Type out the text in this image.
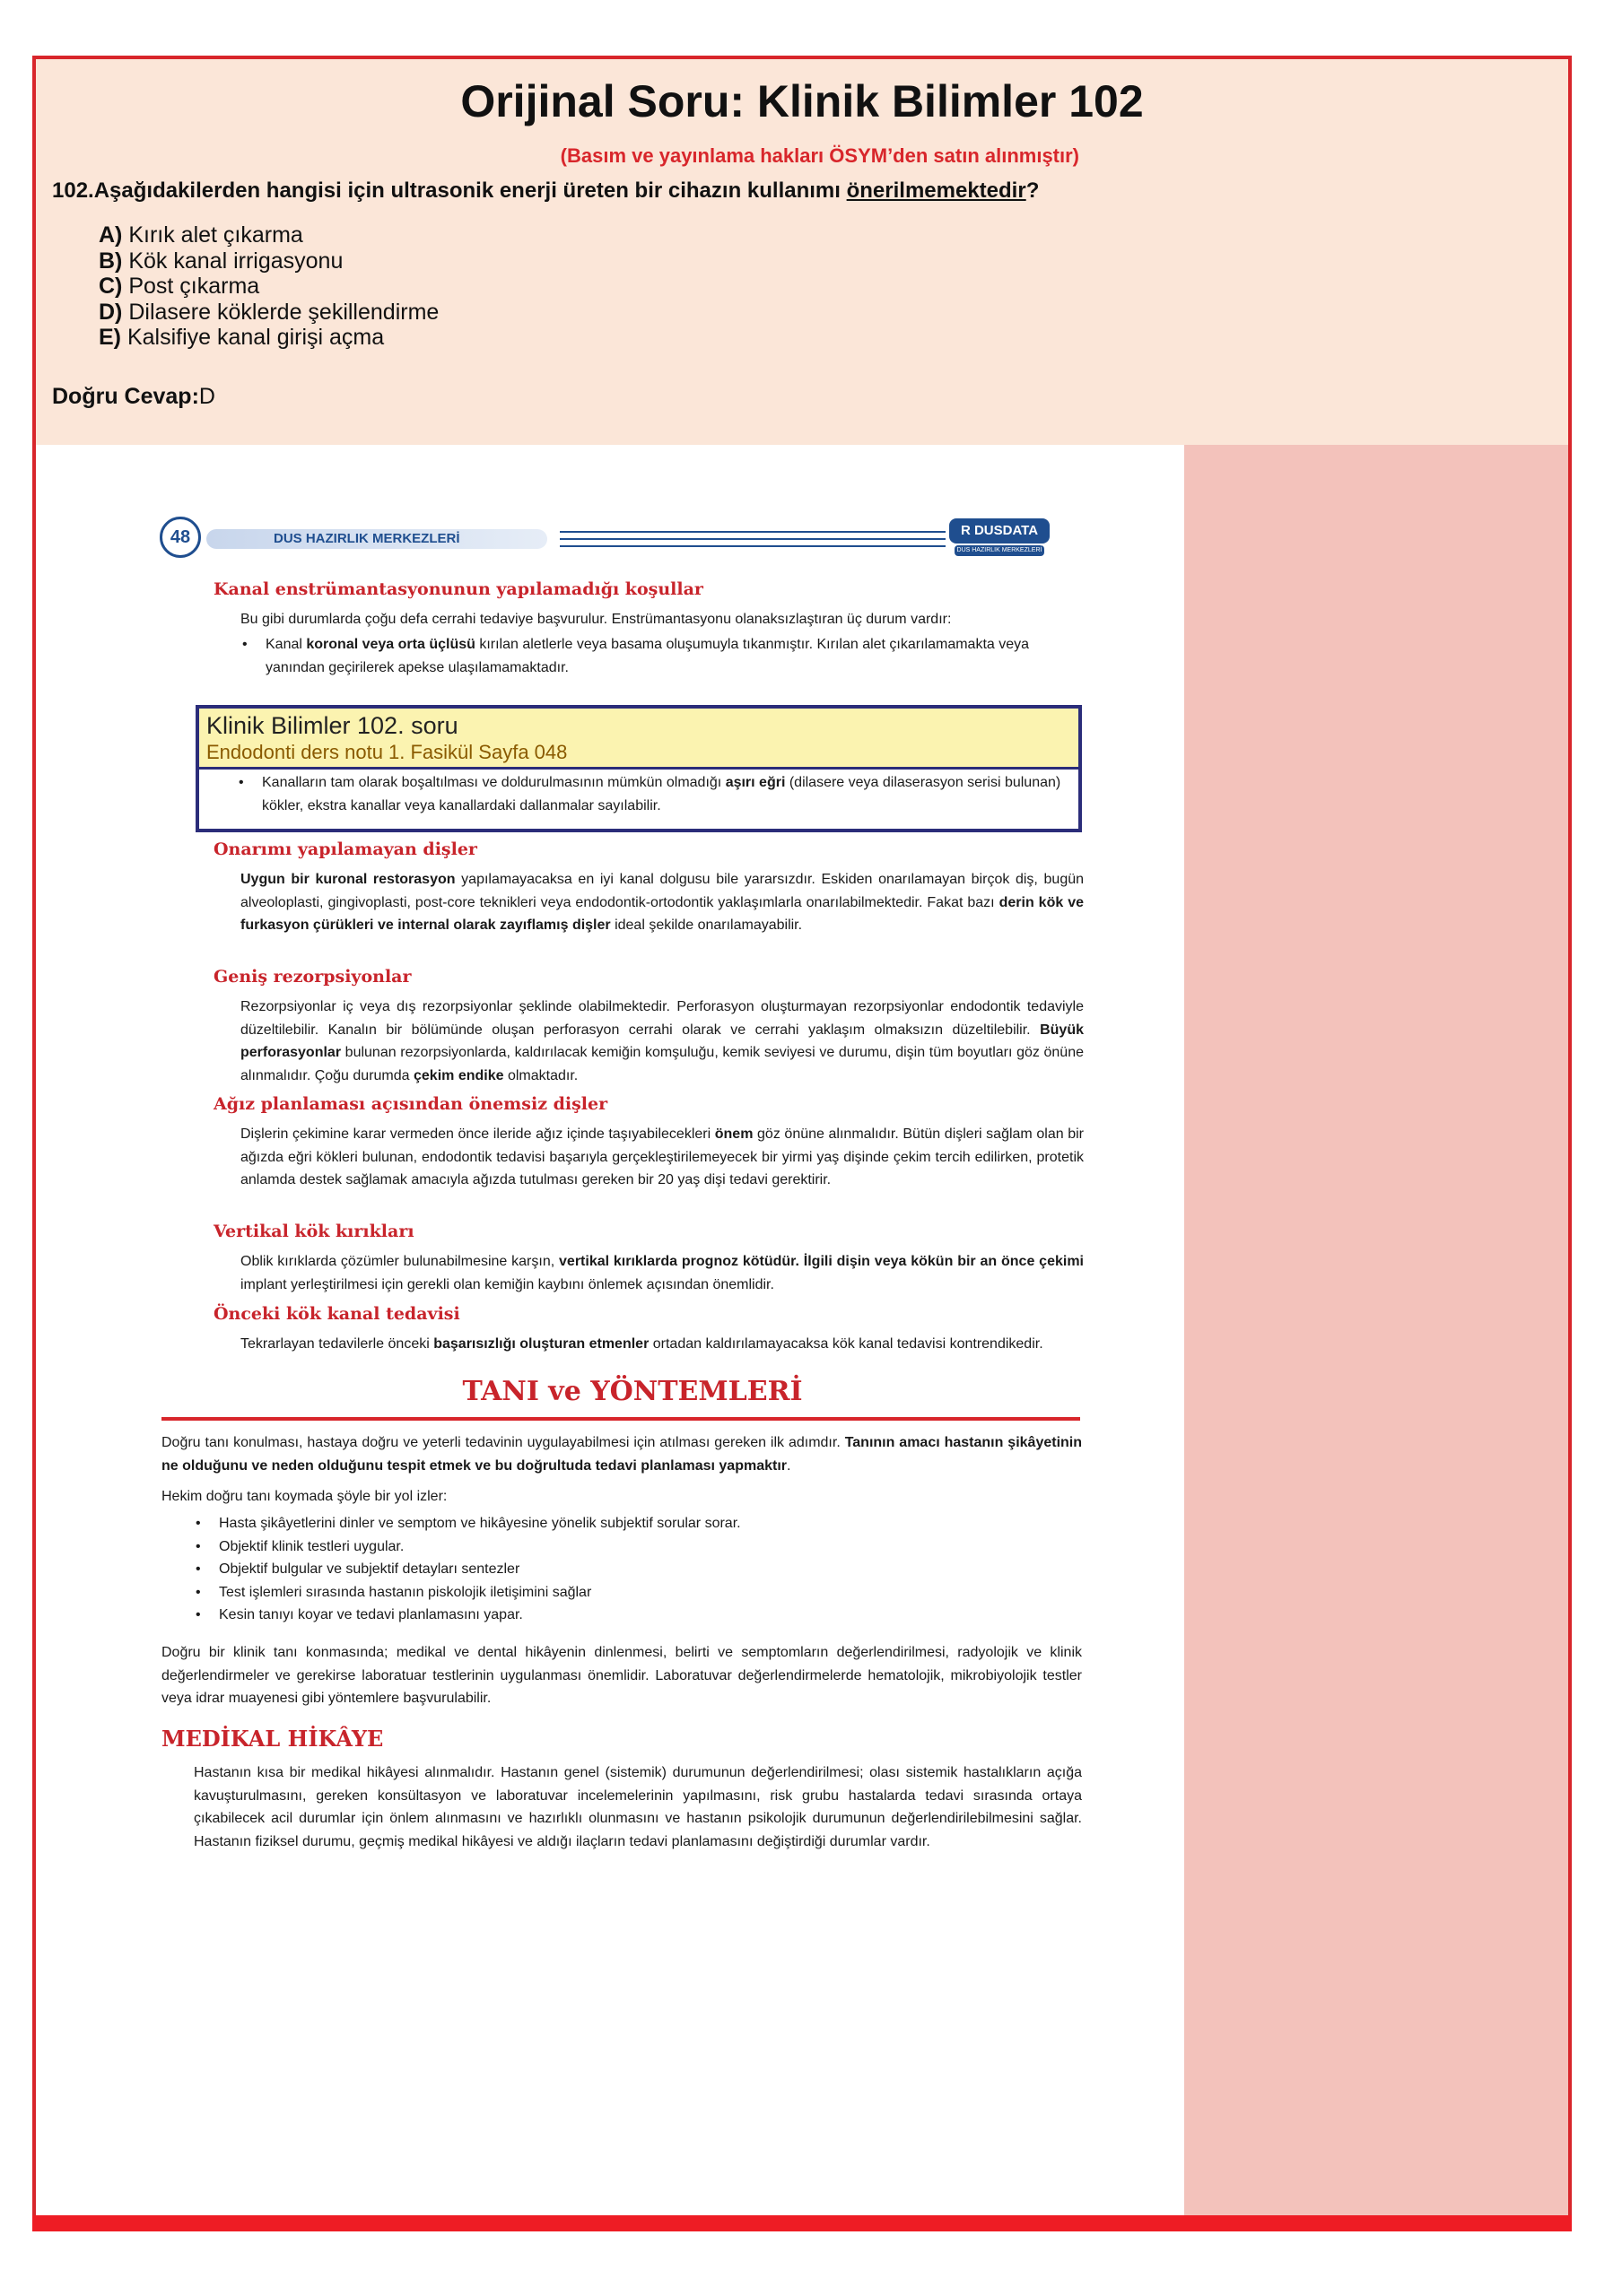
Orijinal Soru: Klinik Bilimler 102
(Basım ve yayınlama hakları ÖSYM’den satın alınmıştır)
102.Aşağıdakilerden hangisi için ultrasonik enerji üreten bir cihazın kullanımı önerilmemektedir?
A) Kırık alet çıkarma
B) Kök kanal irrigasyonu
C) Post çıkarma
D) Dilasere köklerde şekillendirme
E) Kalsifiye kanal girişi açma
Doğru Cevap:D
48	DUS HAZIRLIK MERKEZLERİ
R DUSDATA
DUS HAZIRLIK MERKEZLERİ
Kanal enstrümantasyonunun yapılamadığı koşullar
Bu gibi durumlarda çoğu defa cerrahi tedaviye başvurulur. Enstrümantasyonu olanaksızlaştıran üç durum vardır:
• Kanal koronal veya orta üçlüsü kırılan aletlerle veya basama oluşumuyla tıkanmıştır. Kırılan alet çıkarılamamakta veya yanından geçirilerek apekse ulaşılamamaktadır.
Klinik Bilimler 102. soru
Endodonti ders notu 1. Fasikül Sayfa 048
• Kanalların tam olarak boşaltılması ve doldurulmasının mümkün olmadığı aşırı eğri (dilasere veya dilaserasyon serisi bulunan) kökler, ekstra kanallar veya kanallardaki dallanmalar sayılabilir.
Onarımı yapılamayan dişler
Uygun bir kuronal restorasyon yapılamayacaksa en iyi kanal dolgusu bile yararsızdır. Eskiden onarılamayan birçok diş, bugün alveoloplasti, gingivoplasti, post-core teknikleri veya endodontik-ortodontik yaklaşımlarla onarılabilmektedir. Fakat bazı derin kök ve furkasyon çürükleri ve internal olarak zayıflamış dişler ideal şekilde onarılamayabilir.
Geniş rezorpsiyonlar
Rezorpsiyonlar iç veya dış rezorpsiyonlar şeklinde olabilmektedir. Perforasyon oluşturmayan rezorpsiyonlar endodontik tedaviyle düzeltilebilir. Kanalın bir bölümünde oluşan perforasyon cerrahi olarak ve cerrahi yaklaşım olmaksızın düzeltilebilir. Büyük perforasyonlar bulunan rezorpsiyonlarda, kaldırılacak kemiğin komşuluğu, kemik seviyesi ve durumu, dişin tüm boyutları göz önüne alınmalıdır. Çoğu durumda çekim endike olmaktadır.
Ağız planlaması açısından önemsiz dişler
Dişlerin çekimine karar vermeden önce ileride ağız içinde taşıyabilecekleri önem göz önüne alınmalıdır. Bütün dişleri sağlam olan bir ağızda eğri kökleri bulunan, endodontik tedavisi başarıyla gerçekleştirilemeyecek bir yirmi yaş dişinde çekim tercih edilirken, protetik anlamda destek sağlamak amacıyla ağızda tutulması gereken bir 20 yaş dişi tedavi gerektirir.
Vertikal kök kırıkları
Oblik kırıklarda çözümler bulunabilmesine karşın, vertikal kırıklarda prognoz kötüdür. İlgili dişin veya kökün bir an önce çekimi implant yerleştirilmesi için gerekli olan kemiğin kaybını önlemek açısından önemlidir.
Önceki kök kanal tedavisi
Tekrarlayan tedavilerle önceki başarısızlığı oluşturan etmenler ortadan kaldırılamayacaksa kök kanal tedavisi kontrendikedir.
TANI ve YÖNTEMLERİ
Doğru tanı konulması, hastaya doğru ve yeterli tedavinin uygulayabilmesi için atılması gereken ilk adımdır. Tanının amacı hastanın şikâyetinin ne olduğunu ve neden olduğunu tespit etmek ve bu doğrultuda tedavi planlaması yapmaktır.
Hekim doğru tanı koymada şöyle bir yol izler:
• Hasta şikâyetlerini dinler ve semptom ve hikâyesine yönelik subjektif sorular sorar.
• Objektif klinik testleri uygular.
• Objektif bulgular ve subjektif detayları sentezler
• Test işlemleri sırasında hastanın piskolojik iletişimini sağlar
• Kesin tanıyı koyar ve tedavi planlamasını yapar.
Doğru bir klinik tanı konmasında; medikal ve dental hikâyenin dinlenmesi, belirti ve semptomların değerlendirilmesi, radyolojik ve klinik değerlendirmeler ve gerekirse laboratuar testlerinin uygulanması önemlidir. Laboratuvar değerlendirmelerde hematolojik, mikrobiyolojik testler veya idrar muayenesi gibi yöntemlere başvurulabilir.
MEDİKAL HİKÂYE
Hastanın kısa bir medikal hikâyesi alınmalıdır. Hastanın genel (sistemik) durumunun değerlendirilmesi; olası sistemik hastalıkların açığa kavuşturulmasını, gereken konsültasyon ve laboratuvar incelemelerinin yapılmasını, risk grubu hastalarda tedavi sırasında ortaya çıkabilecek acil durumlar için önlem alınmasını ve hazırlıklı olunmasını ve hastanın psikolojik durumunun değerlendirilebilmesini sağlar. Hastanın fiziksel durumu, geçmiş medikal hikâyesi ve aldığı ilaçların tedavi planlamasını değiştirdiği durumlar vardır.
